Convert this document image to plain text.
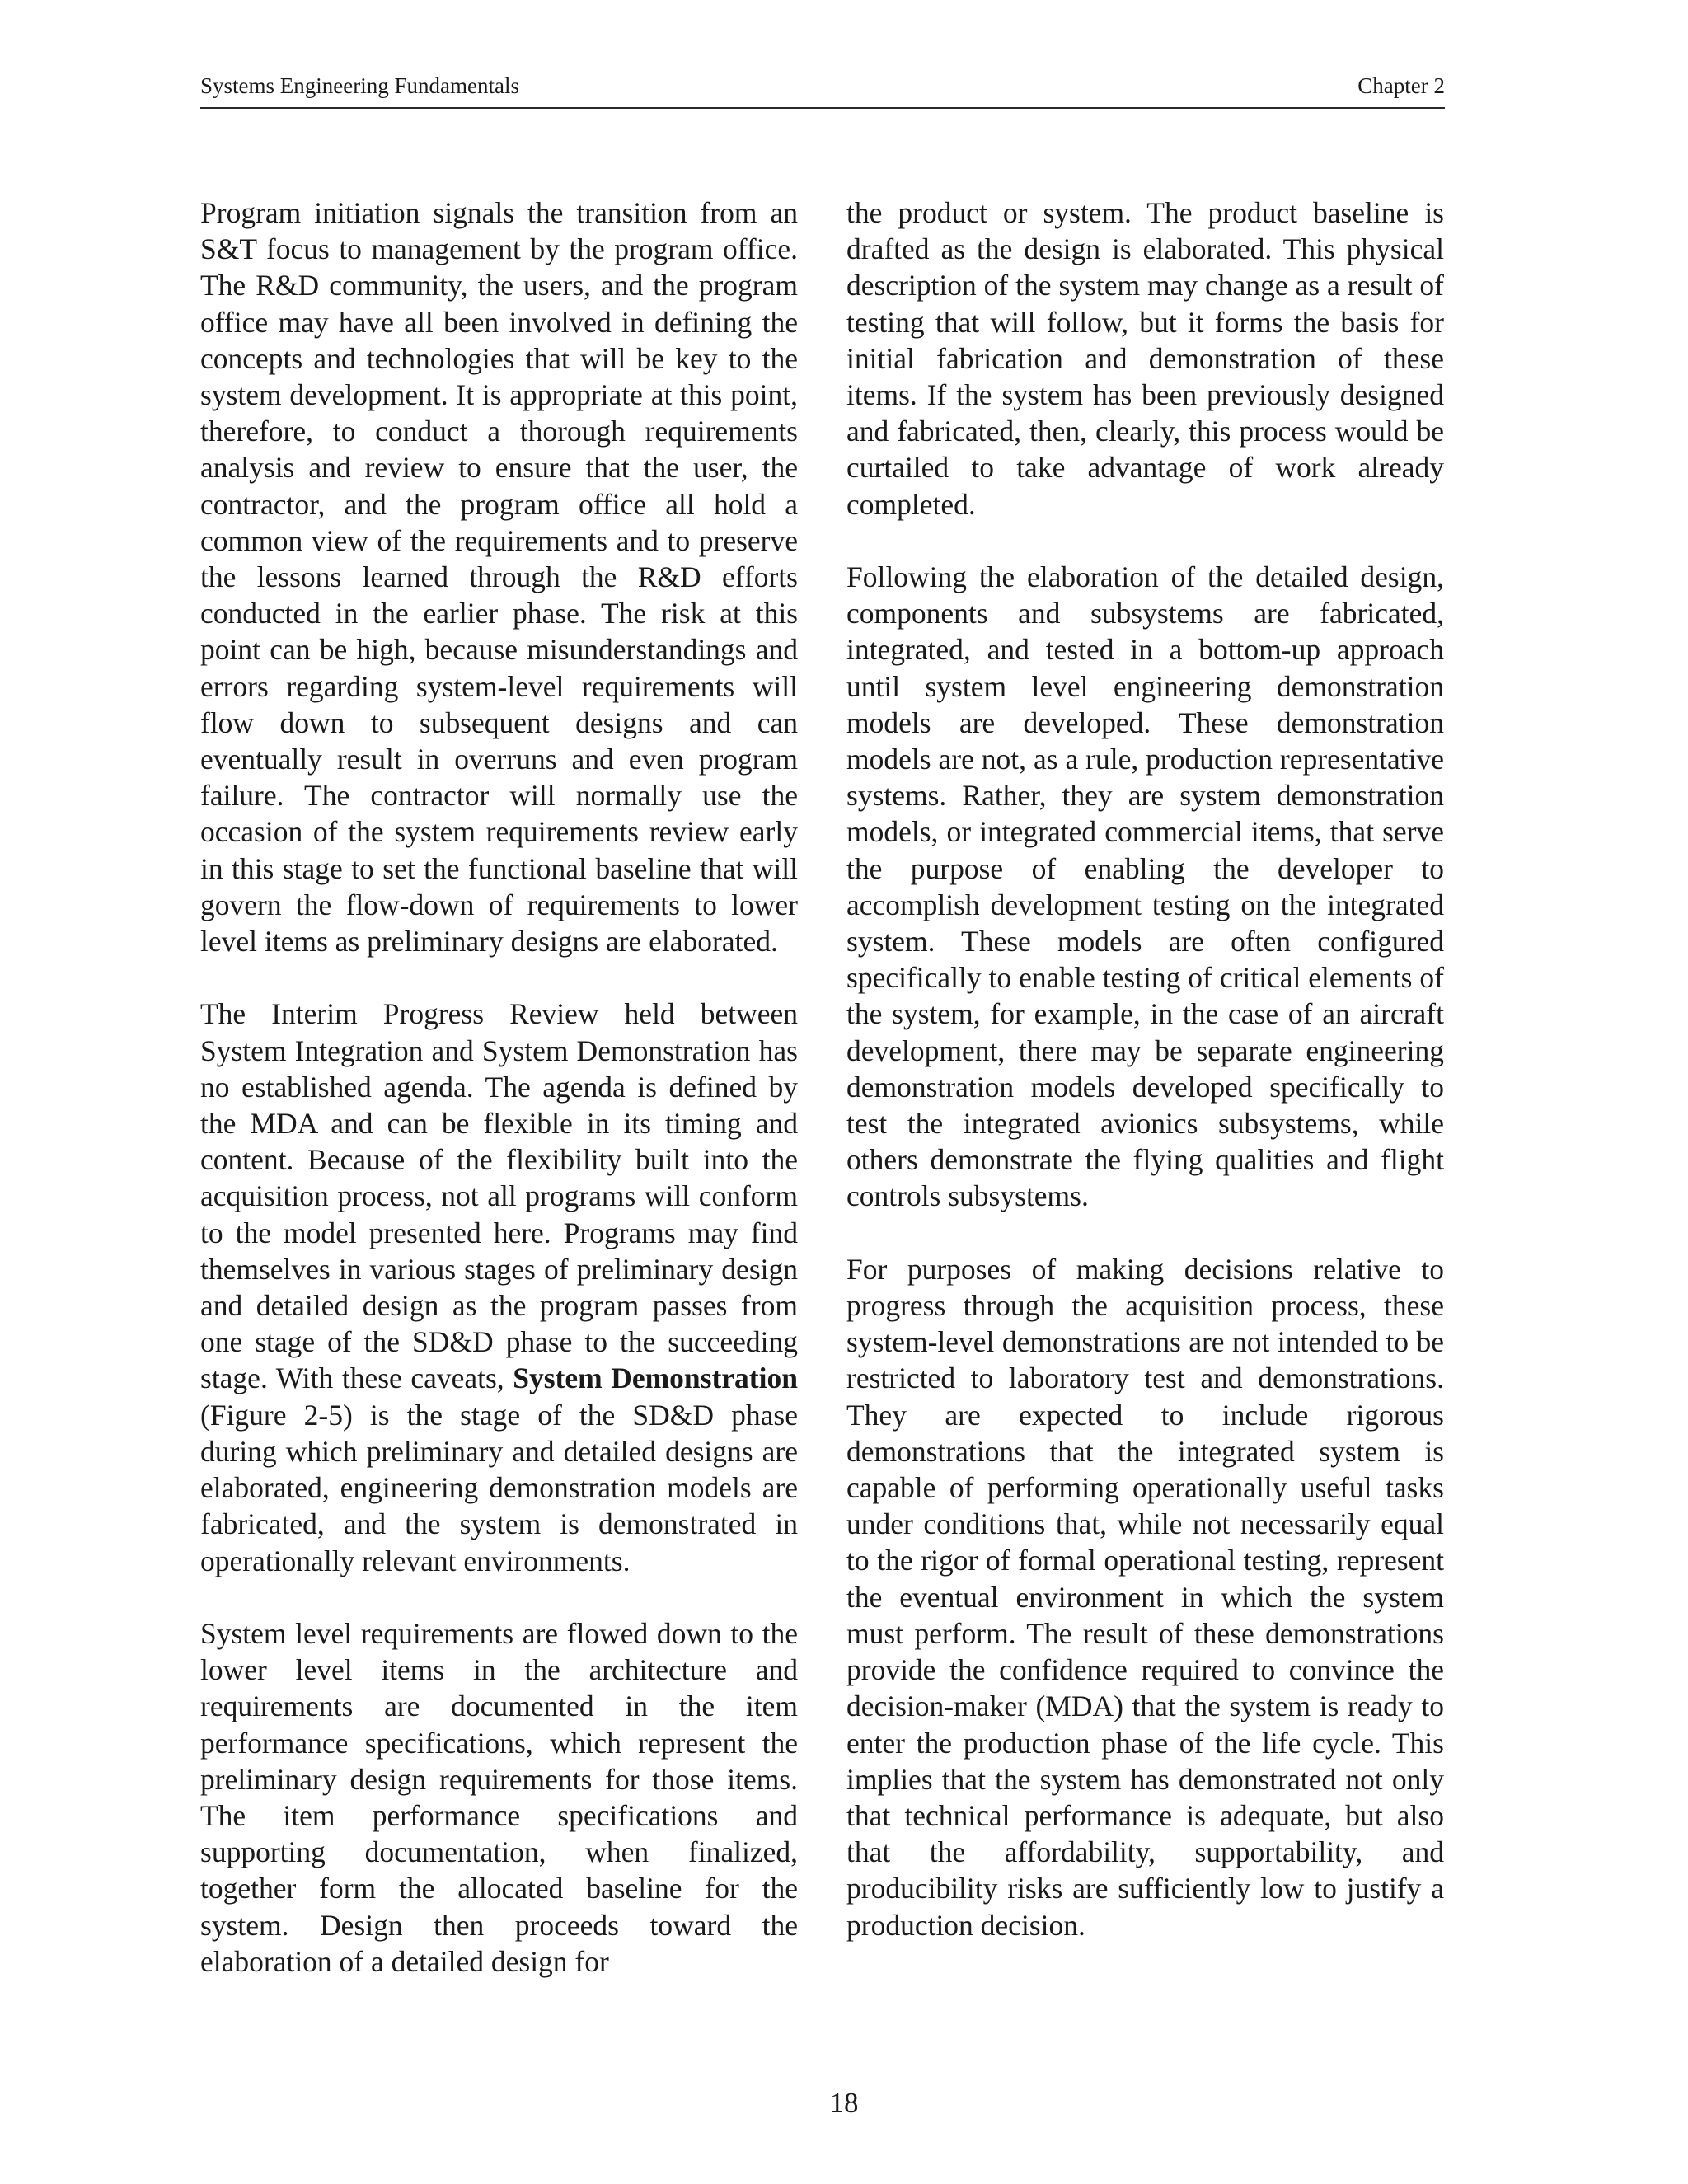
Systems Engineering Fundamentals	Chapter 2

Program initiation signals the transition from an S&T focus to management by the program office. The R&D community, the users, and the program office may have all been involved in defining the concepts and technologies that will be key to the system development. It is appropriate at this point, therefore, to conduct a thorough requirements analysis and review to ensure that the user, the contractor, and the program office all hold a common view of the requirements and to preserve the lessons learned through the R&D efforts conducted in the earlier phase. The risk at this point can be high, because misunderstandings and errors regarding system-level requirements will flow down to subsequent designs and can eventually result in overruns and even program failure. The contractor will normally use the occasion of the system requirements review early in this stage to set the functional baseline that will govern the flow-down of requirements to lower level items as preliminary designs are elaborated.

The Interim Progress Review held between System Integration and System Demonstration has no established agenda. The agenda is defined by the MDA and can be flexible in its timing and content. Because of the flexibility built into the acquisition process, not all programs will conform to the model presented here. Programs may find themselves in various stages of preliminary design and detailed design as the program passes from one stage of the SD&D phase to the succeeding stage. With these caveats, System Demonstration (Figure 2-5) is the stage of the SD&D phase during which preliminary and detailed designs are elaborated, engineering demonstration models are fabricated, and the system is demonstrated in operationally relevant environments.

System level requirements are flowed down to the lower level items in the architecture and requirements are documented in the item performance specifications, which represent the preliminary design requirements for those items. The item performance specifications and supporting documentation, when finalized, together form the allocated baseline for the system. Design then proceeds toward the elaboration of a detailed design for

the product or system. The product baseline is drafted as the design is elaborated. This physical description of the system may change as a result of testing that will follow, but it forms the basis for initial fabrication and demonstration of these items. If the system has been previously designed and fabricated, then, clearly, this process would be curtailed to take advantage of work already completed.

Following the elaboration of the detailed design, components and subsystems are fabricated, integrated, and tested in a bottom-up approach until system level engineering demonstration models are developed. These demonstration models are not, as a rule, production representative systems. Rather, they are system demonstration models, or integrated commercial items, that serve the purpose of enabling the developer to accomplish development testing on the integrated system. These models are often configured specifically to enable testing of critical elements of the system, for example, in the case of an aircraft development, there may be separate engineering demonstration models developed specifically to test the integrated avionics subsystems, while others demonstrate the flying qualities and flight controls subsystems.

For purposes of making decisions relative to progress through the acquisition process, these system-level demonstrations are not intended to be restricted to laboratory test and demonstrations. They are expected to include rigorous demonstrations that the integrated system is capable of performing operationally useful tasks under conditions that, while not necessarily equal to the rigor of formal operational testing, represent the eventual environment in which the system must perform. The result of these demonstrations provide the confidence required to convince the decision-maker (MDA) that the system is ready to enter the production phase of the life cycle. This implies that the system has demonstrated not only that technical performance is adequate, but also that the affordability, supportability, and producibility risks are sufficiently low to justify a production decision.

18
